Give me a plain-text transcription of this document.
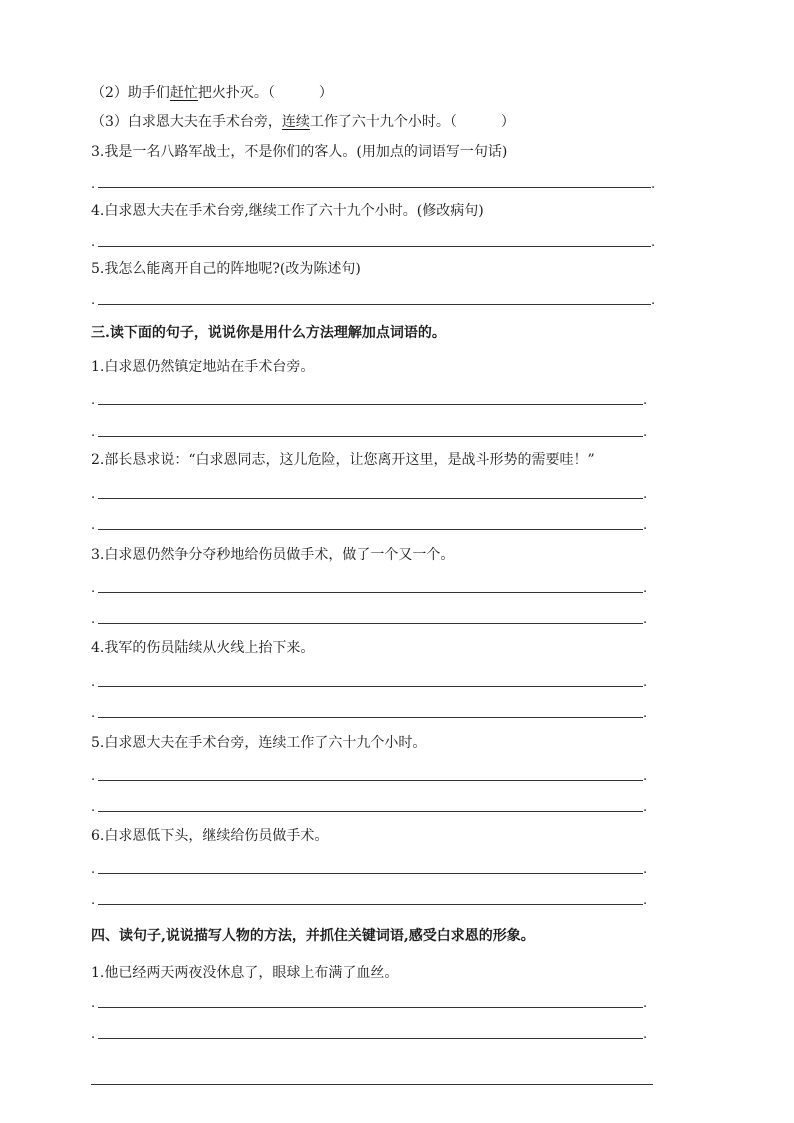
（2）助手们赶忙把火扑灭。（	）
（3）白求恩大夫在手术台旁，连续工作了六十九个小时。（	）
3.我是一名八路军战士，不是你们的客人。(用加点的词语写一句话)
.	.
4.白求恩大夫在手术台旁,继续工作了六十九个小时。(修改病句)
.	.
5.我怎么能离开自己的阵地呢?(改为陈述句)
.	.
三.读下面的句子，说说你是用什么方法理解加点词语的。
1.白求恩仍然镇定地站在手术台旁。
.	.
.	.
2.部长恳求说：“白求恩同志，这儿危险，让您离开这里，是战斗形势的需要哇！”
.	.
.	.
3.白求恩仍然争分夺秒地给伤员做手术，做了一个又一个。
.	.
.	.
4.我军的伤员陆续从火线上抬下来。
.	.
.	.
5.白求恩大夫在手术台旁，连续工作了六十九个小时。
.	.
.	.
6.白求恩低下头，继续给伤员做手术。
.	.
.	.
四、读句子,说说描写人物的方法，并抓住关键词语,感受白求恩的形象。
1.他已经两天两夜没休息了，眼球上布满了血丝。
.	.
.	.
